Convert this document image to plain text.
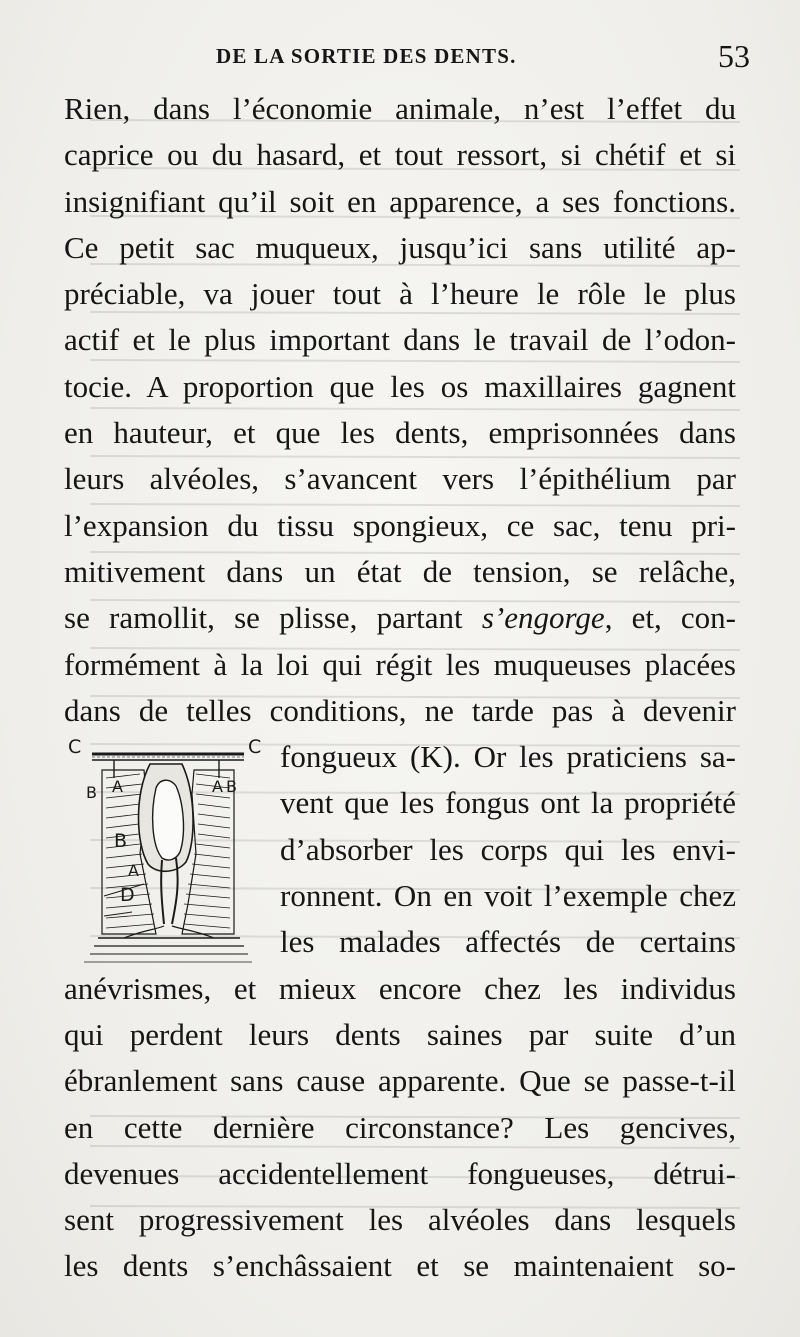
DE LA SORTIE DES DENTS.	53
Rien, dans l’économie animale, n’est l’effet du
caprice ou du hasard, et tout ressort, si chétif et si
insignifiant qu’il soit en apparence, a ses fonctions.
Ce petit sac muqueux, jusqu’ici sans utilité ap-
préciable, va jouer tout à l’heure le rôle le plus
actif et le plus important dans le travail de l’odon-
tocie. A proportion que les os maxillaires gagnent
en hauteur, et que les dents, emprisonnées dans
leurs alvéoles, s’avancent vers l’épithélium par
l’expansion du tissu spongieux, ce sac, tenu pri-
mitivement dans un état de tension, se relâche,
se ramollit, se plisse, partant s’engorge, et, con-
formément à la loi qui régit les muqueuses placées
dans de telles conditions, ne tarde pas à devenir
C	C
B A	A B
B
A
D
fongueux (K). Or les praticiens sa-
vent que les fongus ont la propriété
d’absorber les corps qui les envi-
ronnent. On en voit l’exemple chez
les malades affectés de certains
anévrismes, et mieux encore chez les individus
qui perdent leurs dents saines par suite d’un
ébranlement sans cause apparente. Que se passe-t-il
en cette dernière circonstance? Les gencives,
devenues accidentellement fongueuses, détrui-
sent progressivement les alvéoles dans lesquels
les dents s’enchâssaient et se maintenaient so-
